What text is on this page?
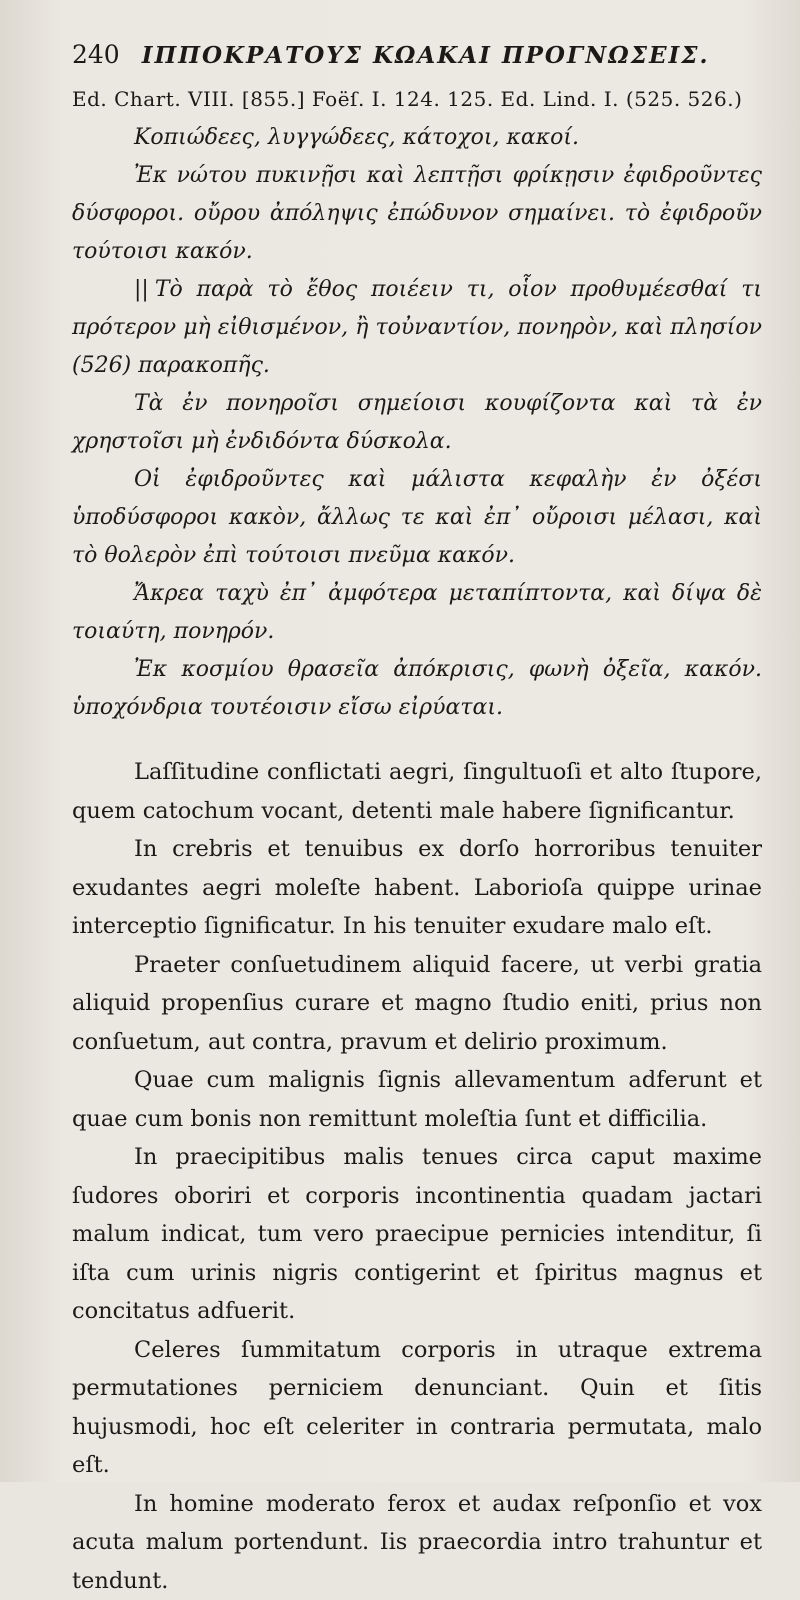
240 ΙΠΠΟΚΡΑΤΟΥΣ ΚΩΑΚΑΙ ΠΡΟΓΝΩΣΕΙΣ.
Ed. Chart. VIII. [855.] Foëſ. I. 124. 125. Ed. Lind. I. (525. 526.)

Κοπιώδεες, λυγγώδεες, κάτοχοι, κακοί.

Ἐκ νώτου πυκινῇσι καὶ λεπτῇσι φρίκῃσιν ἐφιδροῦντες δύσφοροι. οὔρου ἀπόληψις ἐπώδυνον σημαίνει. τὸ ἐφιδροῦν τούτοισι κακόν.

|| Τὸ παρὰ τὸ ἔθος ποιέειν τι, οἷον προθυμέεσθαί τι πρότερον μὴ εἰθισμένον, ἢ τοὐναντίον, πονηρὸν, καὶ πλησίον (526) παρακοπῆς.

Τὰ ἐν πονηροῖσι σημείοισι κουφίζοντα καὶ τὰ ἐν χρηστοῖσι μὴ ἐνδιδόντα δύσκολα.

Οἱ ἐφιδροῦντες καὶ μάλιστα κεφαλὴν ἐν ὀξέσι ὑποδύσφοροι κακὸν, ἄλλως τε καὶ ἐπ᾽ οὔροισι μέλασι, καὶ τὸ θολερὸν ἐπὶ τούτοισι πνεῦμα κακόν.

Ἄκρεα ταχὺ ἐπ᾽ ἀμφότερα μεταπίπτοντα, καὶ δίψα δὲ τοιαύτη, πονηρόν.

Ἐκ κοσμίου θρασεῖα ἀπόκρισις, φωνὴ ὀξεῖα, κακόν. ὑποχόνδρια τουτέοισιν εἴσω εἰρύαται.

Laſſitudine conflictati aegri, ſingultuoſi et alto ſtupore, quem catochum vocant, detenti male habere ſignificantur.

In crebris et tenuibus ex dorſo horroribus tenuiter exudantes aegri moleſte habent. Laborioſa quippe urinae interceptio ſignificatur. In his tenuiter exudare malo eſt.

Praeter conſuetudinem aliquid facere, ut verbi gratia aliquid propenſius curare et magno ſtudio eniti, prius non conſuetum, aut contra, pravum et delirio proximum.

Quae cum malignis ſignis allevamentum adferunt et quae cum bonis non remittunt moleſtia ſunt et difficilia.

In praecipitibus malis tenues circa caput maxime ſudores oboriri et corporis incontinentia quadam jactari malum indicat, tum vero praecipue pernicies intenditur, ſi iſta cum urinis nigris contigerint et ſpiritus magnus et concitatus adfuerit.

Celeres ſummitatum corporis in utraque extrema permutationes perniciem denunciant. Quin et ſitis hujusmodi, hoc eſt celeriter in contraria permutata, malo eſt.

In homine moderato ferox et audax reſponſio et vox acuta malum portendunt. Iis praecordia intro trahuntur et tendunt.
